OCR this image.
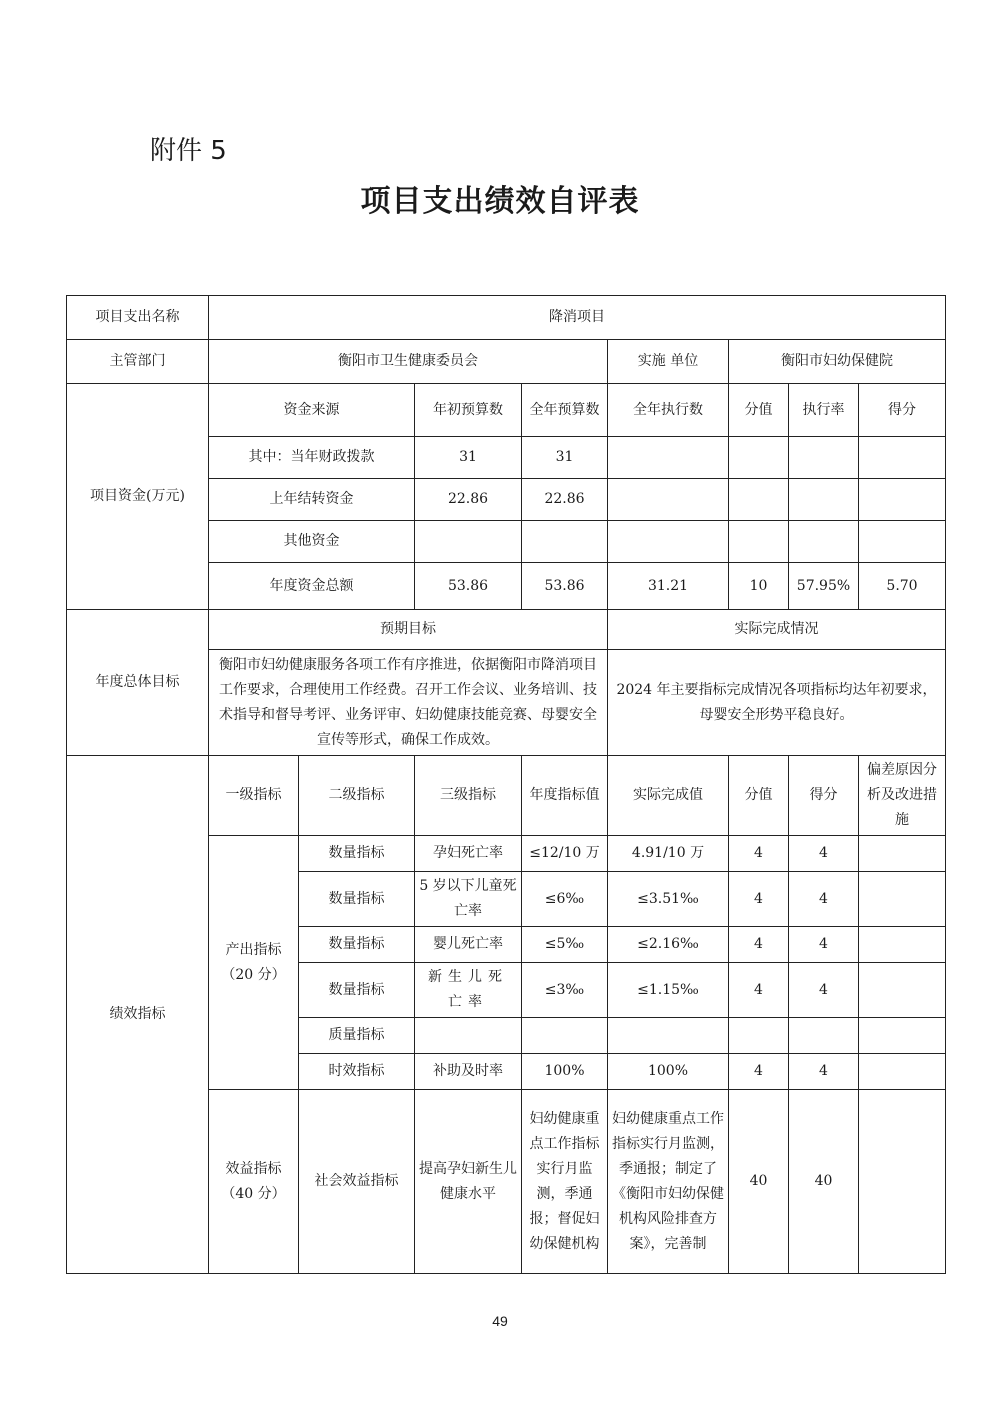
附件 5
项目支出绩效自评表
项目支出名称	降消项目							
主管部门	衡阳市卫生健康委员会				实施 单位	衡阳市妇幼保健院		
项目资金(万元)	资金来源		年初预算数	全年预算数	全年执行数	分值	执行率	得分
	其中：当年财政拨款		31	31				
	上年结转资金		22.86	22.86				
	其他资金							
	年度资金总额		53.86	53.86	31.21	10	57.95%	5.70
年度总体目标	预期目标				实际完成情况			
	衡阳市妇幼健康服务各项工作有序推进，依据衡阳市降消项目工作要求，合理使用工作经费。召开工作会议、业务培训、技术指导和督导考评、业务评审、妇幼健康技能竞赛、母婴安全宣传等形式，确保工作成效。				2024 年主要指标完成情况各项指标均达年初要求，母婴安全形势平稳良好。			
绩效指标	一级指标	二级指标	三级指标	年度指标值	实际完成值	分值	得分	偏差原因分析及改进措施
	产出指标（20 分）	数量指标	孕妇死亡率	≤12/10 万	4.91/10 万	4	4	
		数量指标	5 岁以下儿童死亡率	≤6‰	≤3.51‰	4	4	
		数量指标	婴儿死亡率	≤5‰	≤2.16‰	4	4	
		数量指标	新生儿死亡率	≤3‰	≤1.15‰	4	4	
		质量指标						
		时效指标	补助及时率	100%	100%	4	4	
	效益指标（40 分）	社会效益指标	提高孕妇新生儿健康水平	妇幼健康重点工作指标实行月监测，季通报；督促妇幼保健机构	妇幼健康重点工作指标实行月监测，季通报；制定了《衡阳市妇幼保健机构风险排查方案》，完善制	40	40	
49
